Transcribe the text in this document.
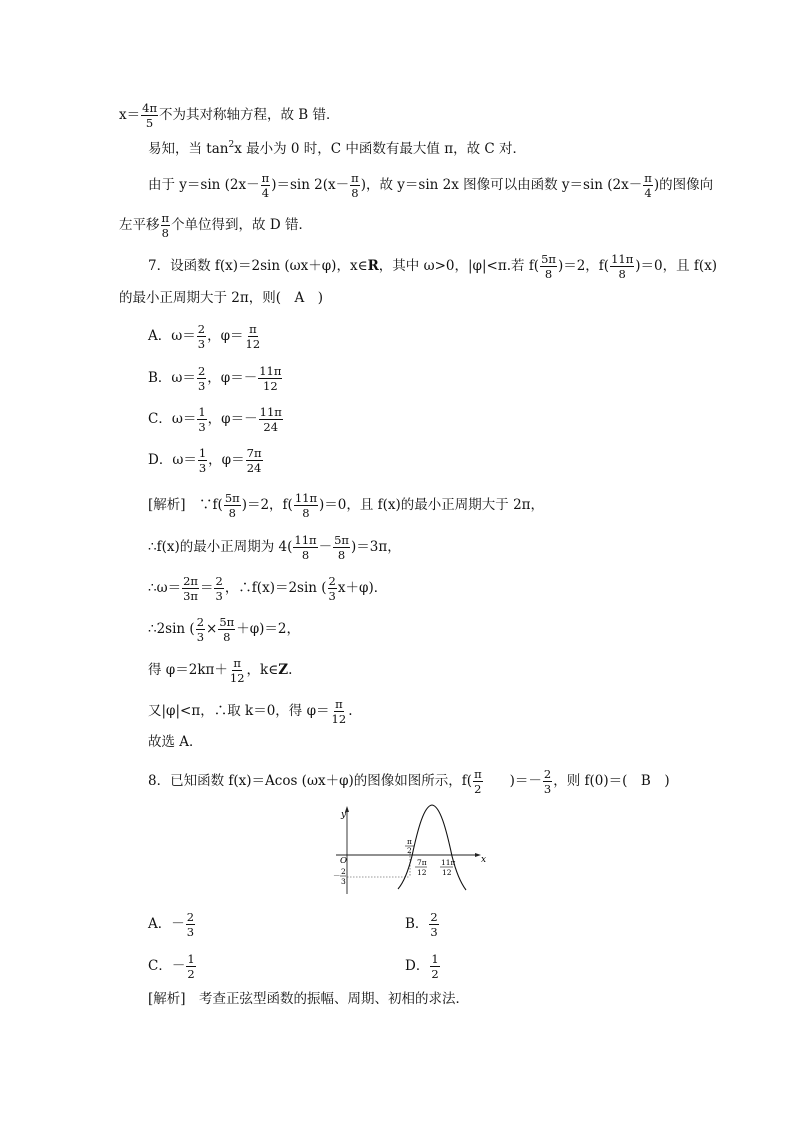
$x= \frac{4\pi}{5}$ 不为其对称轴方程，故 B 错．
易知，当 $\tan^2x$ 最小为 0 时，C 中函数有最大值 π，故 C 对．
由于 y＝sin $(2x- \frac{\pi}{4} )=\sin$ $2(x- \frac{\pi}{8}$ )，故 y＝sin 2x 图像可以由函数 y＝sin ($2x- \frac{\pi}{4}$ )的图像向
左平移 $\frac{\pi}{8}$ 个单位得到，故 D 错．
7．设函数 f(x)＝2sin (ωx＋φ)，x∈R，其中 ω>0，|φ|<π.若 $f( \frac{5\pi}{8} )=2$，$f( \frac{11\pi}{8} )=0$，且 f(x)
的最小正周期大于 2π，则(　A　)
A．$\omega= \frac{2}{3}$ ，$\varphi= \frac{\pi}{12}$
B．$\omega= \frac{2}{3}$ ，$\varphi=- \frac{11\pi}{12}$
C．$\omega= \frac{1}{3}$ ，$\varphi=- \frac{11\pi}{24}$
D．$\omega= \frac{1}{3}$ ，$\varphi= \frac{7\pi}{24}$
[解析]　∵f( $\frac{5\pi}{8} )=2$，$f( \frac{11\pi}{8} )=0$，且 f(x)的最小正周期大于 2π，
∴f(x)的最小正周期为 $4( \frac{11\pi}{8} - \frac{5\pi}{8} )=3\pi$，
∴ω＝ $\frac{2\pi}{3\pi} = \frac{2}{3}$ ，∴f(x)＝2sin ( $\frac{2}{3} x+\varphi$)．
∴2sin ( $\frac{2}{3} \times \frac{5\pi}{8} +\varphi)=2$，
得 $\varphi=2k\pi+ \frac{\pi}{12}$ ，k∈Z.
又|φ|<π，∴取 k＝0，得 $\varphi= \frac{\pi}{12}$ .
故选 A．
8．已知函数 f(x)＝Acos (ωx＋φ)的图像如图所示，$f( \frac{\pi}{2}$ )＝－ $\frac{2}{3}$ ，则 f(0)＝(　B　)
y
x
O
π
2
7π
12
11π
12
－ 2
3
A．－ $\frac{2}{3}$	B． $\frac{2}{3}$
C．－ $\frac{1}{2}$	D． $\frac{1}{2}$
[解析]　考查正弦型函数的振幅、周期、初相的求法．
